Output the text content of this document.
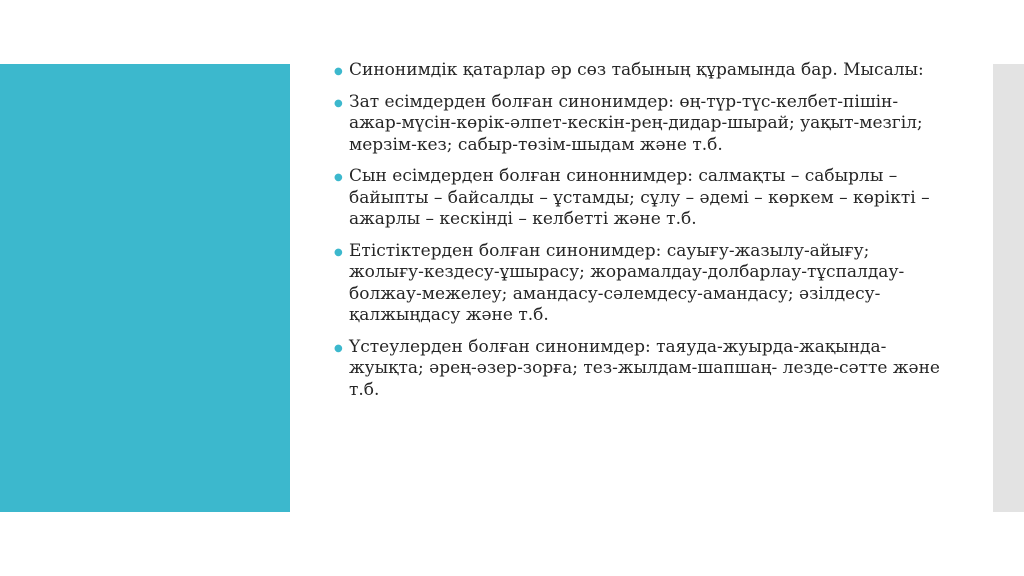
● Синонимдік қатарлар әр сөз табының құрамында бар. Мысалы:
● Зат есімдерден болған синонимдер: өң-түр-түс-келбет-пішін-ажар-мүсін-көрік-әлпет-кескін-рең-дидар-шырай; уақыт-мезгіл; мерзім-кез; сабыр-төзім-шыдам және т.б.
● Сын есімдерден болған синоннимдер: салмақты – сабырлы – байыпты – байсалды – ұстамды; сұлу – әдемі – көркем – көрікті – ажарлы – кескінді – келбетті және т.б.
● Етістіктерден болған синонимдер: сауығу-жазылу-айығу; жолығу-кездесу-ұшырасу; жорамалдау-долбарлау-тұспалдау-болжау-межелеу; амандасу-сәлемдесу-амандасу; әзілдесу-қалжыңдасу және т.б.
● Үстеулерден болған синонимдер: таяуда-жуырда-жақында-жуықта; әрең-әзер-зорға; тез-жылдам-шапшаң- лезде-сәтте және т.б.
